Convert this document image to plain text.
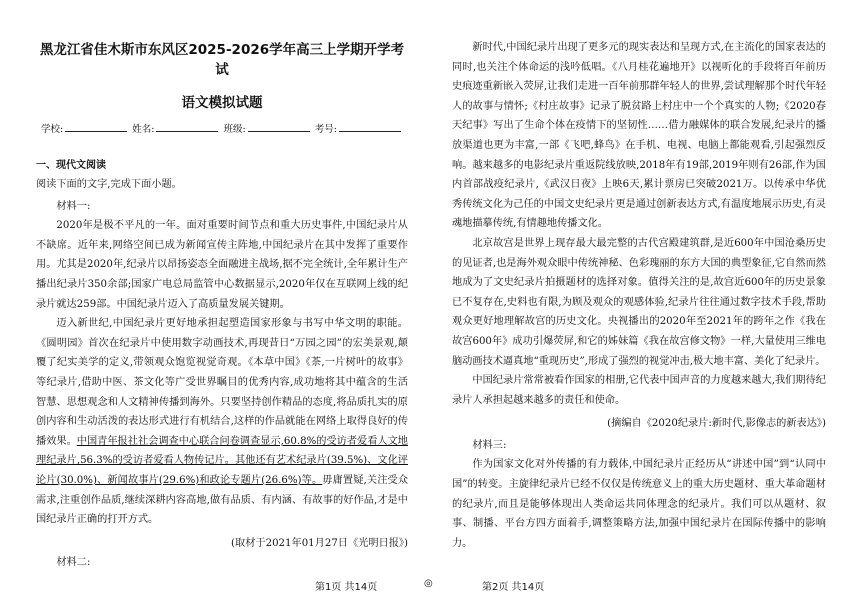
黑龙江省佳木斯市东风区2025-2026学年高三上学期开学考试
语文模拟试题
学校:	姓名:	班级:	考号:
一、现代文阅读

阅读下面的文字,完成下面小题。

材料一:

2020年是极不平凡的一年。面对重要时间节点和重大历史事件,中国纪录片从不缺席。近年来,网络空间已成为新闻宣传主阵地,中国纪录片在其中发挥了重要作用。尤其是2020年,纪录片以昂扬姿态全面融进主战场,据不完全统计,全年累计生产播出纪录片350余部;国家广电总局监管中心数据显示,2020年仅在互联网上线的纪录片就达259部。中国纪录片迈入了高质量发展关键期。

迈入新世纪,中国纪录片更好地承担起塑造国家形象与书写中华文明的职能。《圆明园》首次在纪录片中使用数字动画技术,再现昔日“万园之园”的宏美景观,颠覆了纪实美学的定义,带领观众饱览视觉奇观。《本草中国》《茶,一片树叶的故事》等纪录片,借助中医、茶文化等广受世界瞩目的优秀内容,成功地将其中蕴含的生活智慧、思想观念和人文精神传播到海外。只要坚持创作精品的态度,将品质扎实的原创内容和生动活泼的表达形式进行有机结合,这样的作品就能在网络上取得良好的传播效果。中国青年报社社会调查中心联合问卷调查显示,60.8%的受访者爱看人文地理纪录片,56.3%的受访者爱看人物传记片。其他还有艺术纪录片(39.5%)、文化评论片(30.0%)、新闻故事片(29.6%)和政论专题片(26.6%)等。毋庸置疑,关注受众需求,注重创作品质,继续深耕内容高地,做有品质、有内涵、有故事的好作品,才是中国纪录片正确的打开方式。

(取材于2021年01月27日《光明日报》)

材料二:

新时代,中国纪录片出现了更多元的现实表达和呈现方式,在主流化的国家表达的同时,也关注个体命运的浅吟低唱。《八月桂花遍地开》以视听化的手段将百年前历史痕迹重新嵌入荧屏,让我们走进一百年前那群年轻人的世界,尝试理解那个时代年轻人的故事与情怀;《村庄故事》记录了脱贫路上村庄中一个个真实的人物;《2020春天纪事》写出了生命个体在疫情下的坚韧性……借力融媒体的联合发展,纪录片的播放渠道也更为丰富,一部《飞吧,蜂鸟》在手机、电视、电脑上都能观看,引起强烈反响。越来越多的电影纪录片重返院线放映,2018年有19部,2019年则有26部,作为国内首部战疫纪录片,《武汉日夜》上映6天,累计票房已突破2021万。以传承中华优秀传统文化为己任的中国文史纪录片更是通过创新表达方式,有温度地展示历史,有灵魂地描摹传统,有情趣地传播文化。

北京故宫是世界上现存最大最完整的古代宫殿建筑群,是近600年中国沧桑历史的见证者,也是海外观众眼中传统神秘、色彩瑰丽的东方大国的典型象征,它自然而然地成为了文史纪录片拍摄题材的选择对象。值得关注的是,故宫近600年的历史景象已不复存在,史料也有限,为顾及观众的观感体验,纪录片往往通过数字技术手段,帮助观众更好地理解故宫的历史文化。央视播出的2020年至2021年的跨年之作《我在故宫600年》成功引爆荧屏,和它的姊妹篇《我在故宫修文物》一样,大量使用三维电脑动画技术逼真地“重现历史”,形成了强烈的视觉冲击,极大地丰富、美化了纪录片。

中国纪录片常常被看作国家的相册,它代表中国声音的力度越来越大,我们期待纪录片人承担起越来越多的责任和使命。

(摘编自《2020纪录片:新时代,影像志的新表达》)

材料三:

作为国家文化对外传播的有力载体,中国纪录片正经历从“讲述中国”到“认同中国”的转变。主旋律纪录片已经不仅仅是传统意义上的重大历史题材、重大革命题材的纪录片,而且是能够体现出人类命运共同体理念的纪录片。我们可以从题材、叙事、制播、平台方四方面着手,调整策略方法,加强中国纪录片在国际传播中的影响力。

第1页 共14页	◎	第2页 共14页
